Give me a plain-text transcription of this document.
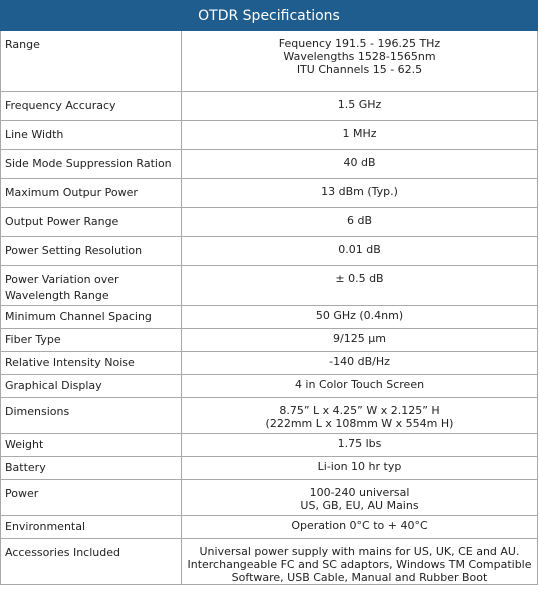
OTDR Specifications	

Range	Fequency 191.5 - 196.25 THz
Wavelengths 1528-1565nm
ITU Channels 15 - 62.5

Frequency Accuracy	1.5 GHz

Line Width	1 MHz

Side Mode Suppression Ration	40 dB

Maximum Outpur Power	13 dBm (Typ.)

Output Power Range	6 dB

Power Setting Resolution	0.01 dB

Power Variation over
Wavelength Range	± 0.5 dB

Minimum Channel Spacing	50 GHz (0.4nm)

Fiber Type	9/125 µm

Relative Intensity Noise	-140 dB/Hz

Graphical Display	4 in Color Touch Screen

Dimensions	8.75” L x 4.25” W x 2.125” H
(222mm L x 108mm W x 554m H)

Weight	1.75 lbs

Battery	Li-ion 10 hr typ

Power	100-240 universal
US, GB, EU, AU Mains

Environmental	Operation 0°C to + 40°C

Accessories Included	Universal power supply with mains for US, UK, CE and AU.
Interchangeable FC and SC adaptors, Windows TM Compatible
Software, USB Cable, Manual and Rubber Boot
